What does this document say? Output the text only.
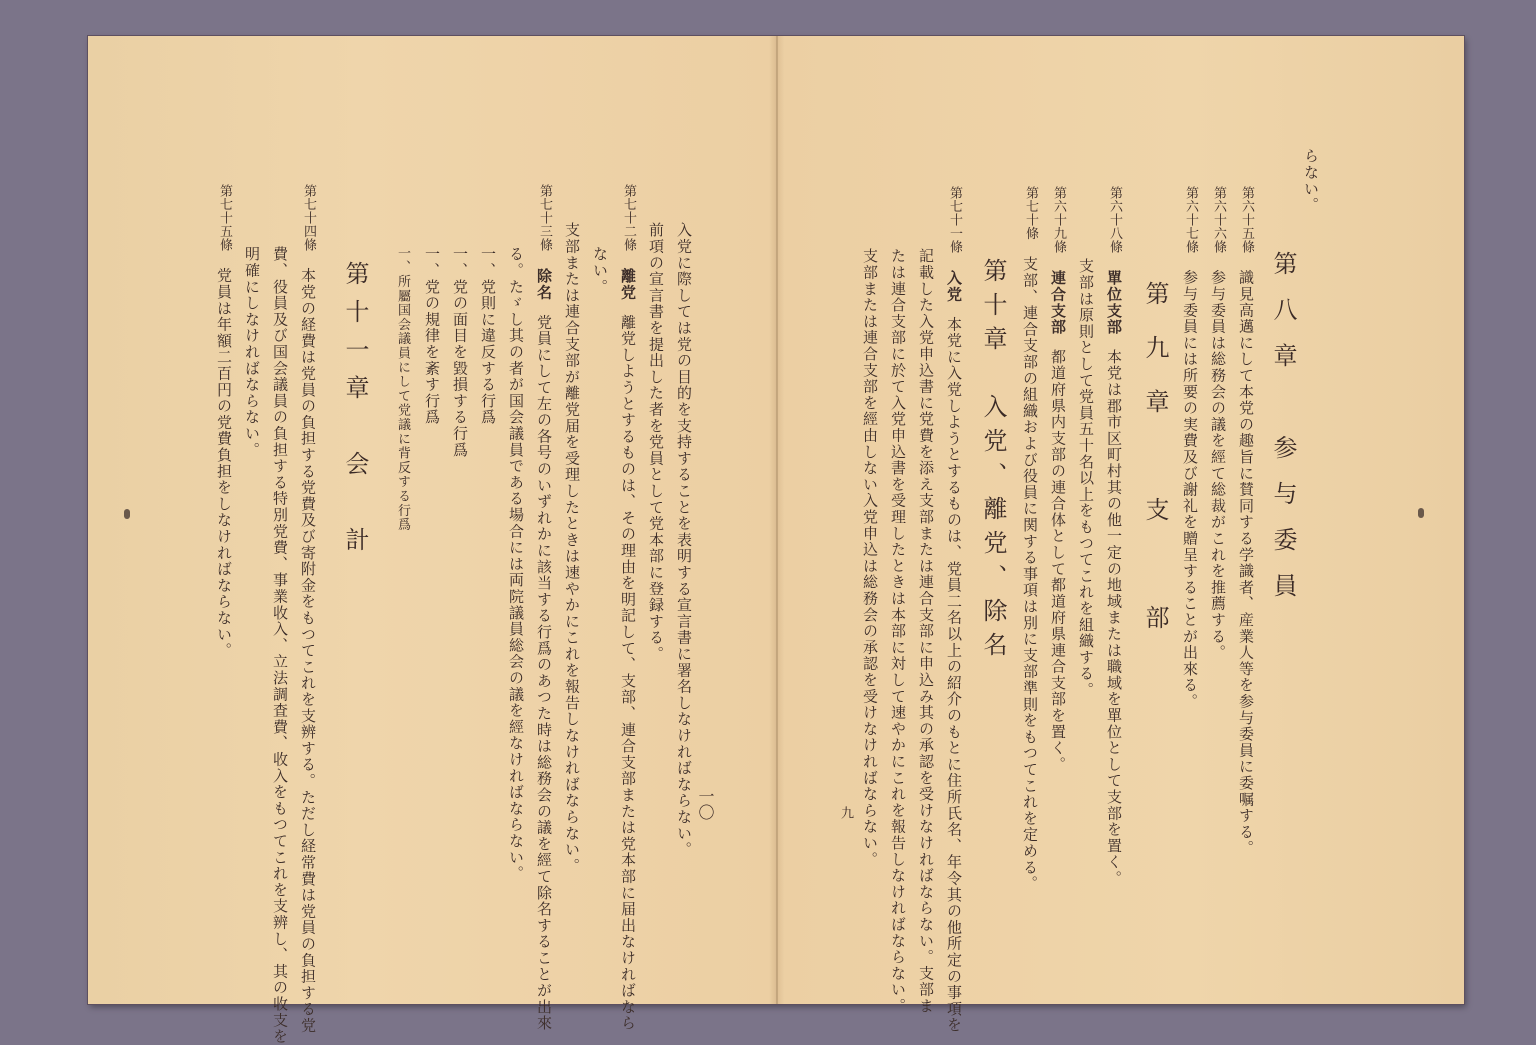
らない。
第八章　参与委員
第六十五條識見高邁にして本党の趣旨に賛同する学識者、産業人等を参与委員に委嘱する。
第六十六條参与委員は総務会の議を經て総裁がこれを推薦する。
第六十七條参与委員には所要の実費及び謝礼を贈呈することが出來る。
第九章　支　部
第六十八條單位支部本党は郡市区町村其の他一定の地域または職域を單位として支部を置く。
支部は原則として党員五十名以上をもつてこれを組織する。
第六十九條連合支部都道府県内支部の連合体として都道府県連合支部を置く。
第七十條支部、連合支部の組織および役員に関する事項は別に支部準則をもつてこれを定める。
第十章　入党、離党、除名
第七十一條入党本党に入党しようとするものは、党員二名以上の紹介のもとに住所氏名、年令其の他所定の事項を
記載した入党申込書に党費を添え支部または連合支部に申込み其の承認を受けなければならない。支部ま
たは連合支部に於て入党申込書を受理したときは本部に対して速やかにこれを報告しなければならない。
支部または連合支部を經由しない入党申込は総務会の承認を受けなければならない。
九
一〇
入党に際しては党の目的を支持することを表明する宣言書に署名しなければならない。
前項の宣言書を提出した者を党員として党本部に登録する。
第七十二條離党離党しようとするものは、その理由を明記して、支部、連合支部または党本部に届出なければなら
ない。
支部または連合支部が離党届を受理したときは速やかにこれを報告しなければならない。
第七十三條除名党員にして左の各号のいずれかに該当する行爲のあつた時は総務会の議を經て除名することが出來
る。たゞし其の者が国会議員である場合には両院議員総会の議を經なければならない。
一、党則に違反する行爲
一、党の面目を毀損する行爲
一、党の規律を紊す行爲
一、所屬国会議員にして党議に背反する行爲
第十一章　会　計
第七十四條本党の経費は党員の負担する党費及び寄附金をもつてこれを支辨する。ただし経常費は党員の負担する党
費、役員及び国会議員の負担する特別党費、事業收入、立法調査費、收入をもつてこれを支辨し、其の收支を
明確にしなければならない。
第七十五條党員は年額二百円の党費負担をしなければならない。
